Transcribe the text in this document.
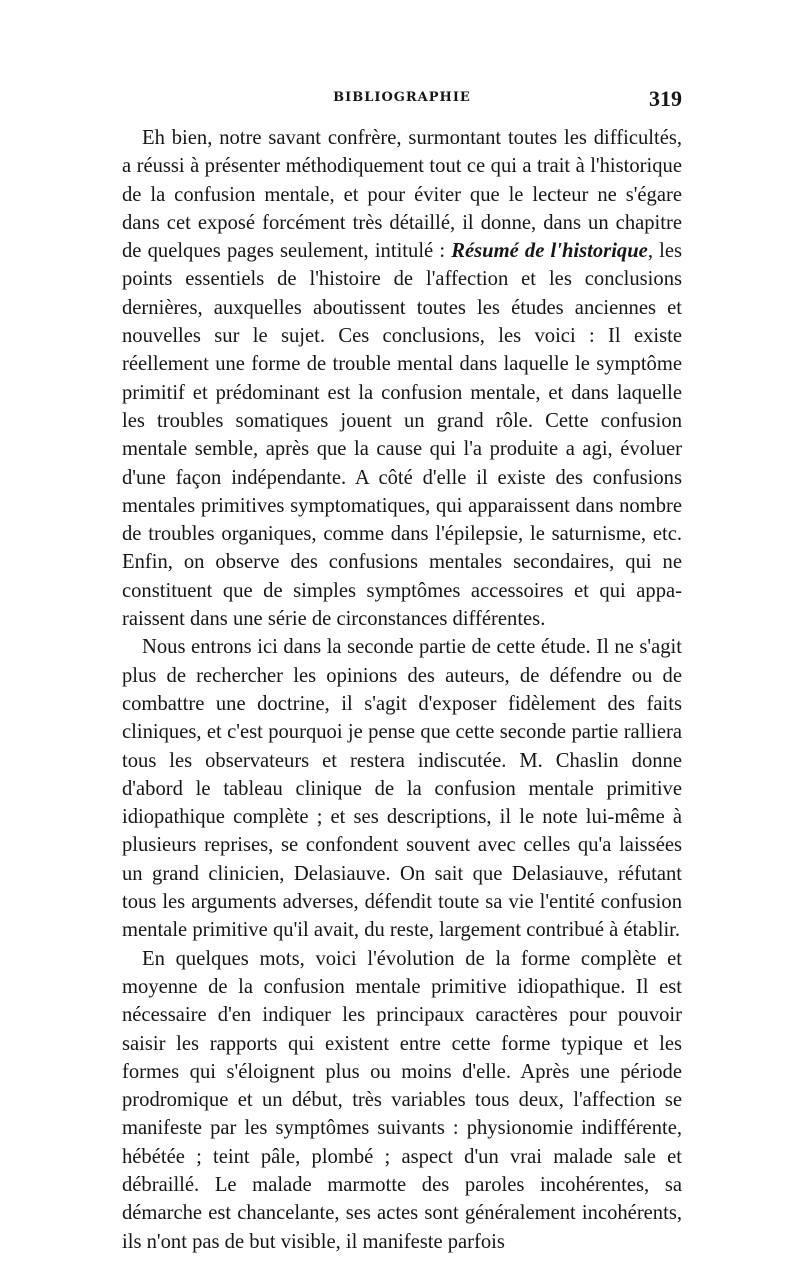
BIBLIOGRAPHIE	319

Eh bien, notre savant confrère, surmontant toutes les difficultés, a réussi à présenter méthodiquement tout ce qui a trait à l'historique de la confusion mentale, et pour éviter que le lecteur ne s'égare dans cet exposé forcément très détaillé, il donne, dans un chapitre de quelques pages seulement, intitulé : Résumé de l'historique, les points essentiels de l'histoire de l'affection et les conclusions dernières, auxquelles aboutissent toutes les études anciennes et nouvelles sur le sujet. Ces conclusions, les voici : Il existe réellement une forme de trouble mental dans laquelle le symptôme primitif et prédominant est la confusion mentale, et dans laquelle les troubles somatiques jouent un grand rôle. Cette confusion mentale semble, après que la cause qui l'a produite a agi, évoluer d'une façon indépendante. A côté d'elle il existe des confusions mentales primitives symptomatiques, qui apparaissent dans nombre de troubles organiques, comme dans l'épilepsie, le saturnisme, etc. Enfin, on observe des confusions mentales secondaires, qui ne constituent que de simples symptômes accessoires et qui apparaissent dans une série de circonstances différentes.

Nous entrons ici dans la seconde partie de cette étude. Il ne s'agit plus de rechercher les opinions des auteurs, de défendre ou de combattre une doctrine, il s'agit d'exposer fidèlement des faits cliniques, et c'est pourquoi je pense que cette seconde partie ralliera tous les observateurs et restera indiscutée. M. Chaslin donne d'abord le tableau clinique de la confusion mentale primitive idiopathique complète ; et ses descriptions, il le note lui-même à plusieurs reprises, se confondent souvent avec celles qu'a laissées un grand clinicien, Delasiauve. On sait que Delasiauve, réfutant tous les arguments adverses, défendit toute sa vie l'entité confusion mentale primitive qu'il avait, du reste, largement contribué à établir.

En quelques mots, voici l'évolution de la forme complète et moyenne de la confusion mentale primitive idiopathique. Il est nécessaire d'en indiquer les principaux caractères pour pouvoir saisir les rapports qui existent entre cette forme typique et les formes qui s'éloignent plus ou moins d'elle. Après une période prodromique et un début, très variables tous deux, l'affection se manifeste par les symptômes suivants : physionomie indifférente, hébétée ; teint pâle, plombé ; aspect d'un vrai malade sale et débraillé. Le malade marmotte des paroles incohérentes, sa démarche est chancelante, ses actes sont généralement incohérents, ils n'ont pas de but visible, il manifeste parfois
